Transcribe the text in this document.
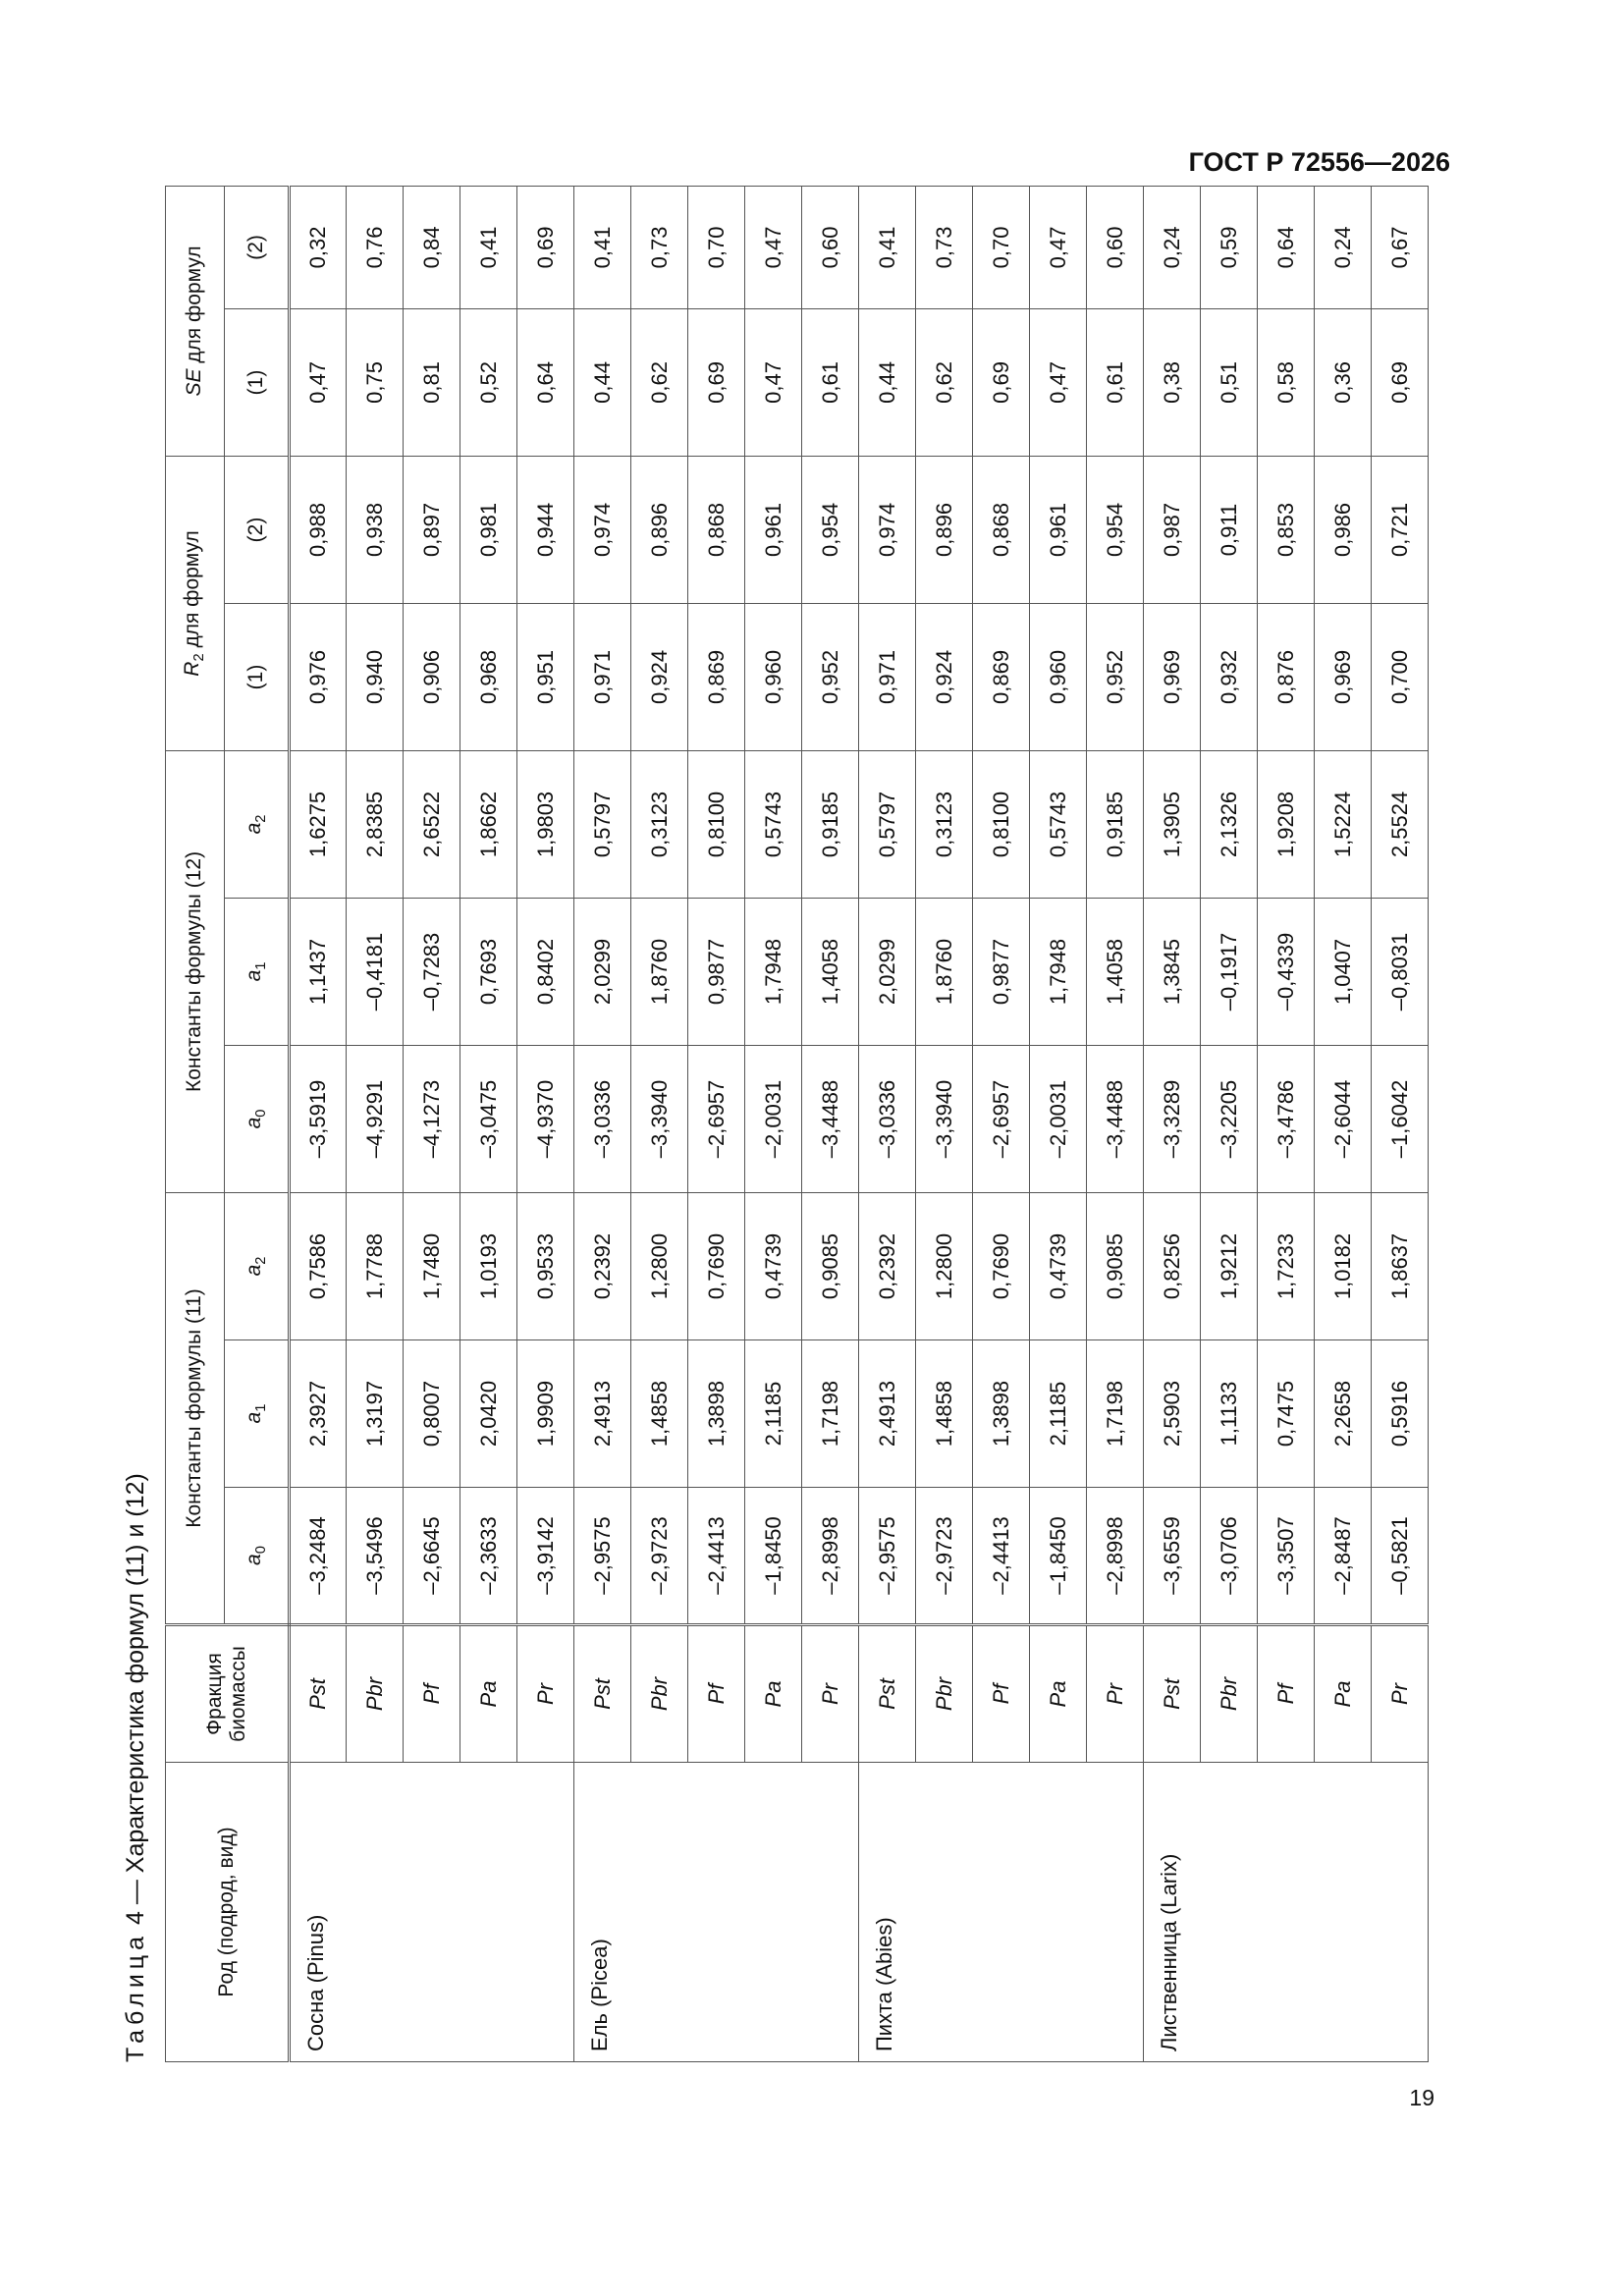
ГОСТ Р 72556—2026
Таблица 4 — Характеристика формул (11) и (12)	Род (подрод, вид)	Фракция биомассы	Константы формулы (11)			Константы формулы (12)			$R_2$ для формул		SE для формул	
		$a_0$	$a_1$	$a_2$	$a_0$	$a_1$	$a_2$	(1)	(2)	(1)	(2)
Сосна (Pinus)	Pst	–3,2484	2,3927	0,7586	–3,5919	1,1437	1,6275	0,976	0,988	0,47	0,32
	Pbr	–3,5496	1,3197	1,7788	–4,9291	–0,4181	2,8385	0,940	0,938	0,75	0,76
	Pf	–2,6645	0,8007	1,7480	–4,1273	–0,7283	2,6522	0,906	0,897	0,81	0,84
	Pa	–2,3633	2,0420	1,0193	–3,0475	0,7693	1,8662	0,968	0,981	0,52	0,41
	Pr	–3,9142	1,9909	0,9533	–4,9370	0,8402	1,9803	0,951	0,944	0,64	0,69
Ель (Picea)	Pst	–2,9575	2,4913	0,2392	–3,0336	2,0299	0,5797	0,971	0,974	0,44	0,41
	Pbr	–2,9723	1,4858	1,2800	–3,3940	1,8760	0,3123	0,924	0,896	0,62	0,73
	Pf	–2,4413	1,3898	0,7690	–2,6957	0,9877	0,8100	0,869	0,868	0,69	0,70
	Pa	–1,8450	2,1185	0,4739	–2,0031	1,7948	0,5743	0,960	0,961	0,47	0,47
	Pr	–2,8998	1,7198	0,9085	–3,4488	1,4058	0,9185	0,952	0,954	0,61	0,60
Пихта (Abies)	Pst	–2,9575	2,4913	0,2392	–3,0336	2,0299	0,5797	0,971	0,974	0,44	0,41
	Pbr	–2,9723	1,4858	1,2800	–3,3940	1,8760	0,3123	0,924	0,896	0,62	0,73
	Pf	–2,4413	1,3898	0,7690	–2,6957	0,9877	0,8100	0,869	0,868	0,69	0,70
	Pa	–1,8450	2,1185	0,4739	–2,0031	1,7948	0,5743	0,960	0,961	0,47	0,47
	Pr	–2,8998	1,7198	0,9085	–3,4488	1,4058	0,9185	0,952	0,954	0,61	0,60
Лиственница (Larix)	Pst	–3,6559	2,5903	0,8256	–3,3289	1,3845	1,3905	0,969	0,987	0,38	0,24
	Pbr	–3,0706	1,1133	1,9212	–3,2205	–0,1917	2,1326	0,932	0,911	0,51	0,59
	Pf	–3,3507	0,7475	1,7233	–3,4786	–0,4339	1,9208	0,876	0,853	0,58	0,64
	Pa	–2,8487	2,2658	1,0182	–2,6044	1,0407	1,5224	0,969	0,986	0,36	0,24
	Pr	–0,5821	0,5916	1,8637	–1,6042	–0,8031	2,5524	0,700	0,721	0,69	0,67
19
